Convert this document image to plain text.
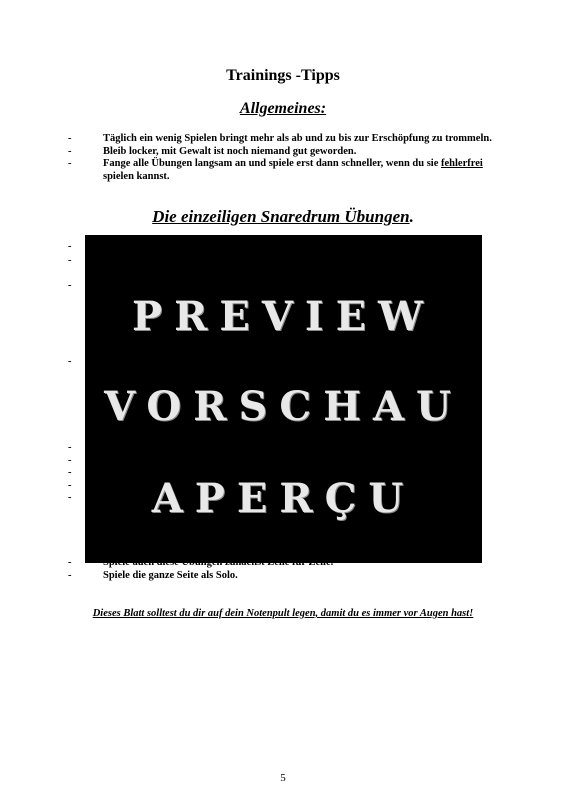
Trainings -Tipps
Allgemeines:
-	Täglich ein wenig Spielen bringt mehr als ab und zu bis zur Erschöpfung zu trommeln.
-	Bleib locker, mit Gewalt ist noch niemand gut geworden.
-	Fange alle Übungen langsam an und spiele erst dann schneller, wenn du sie fehlerfrei spielen kannst.
Die einzeiligen Snaredrum Übungen.
-
-
-
-
-
-
-
-
-
-
-	Spiele die ganze Seite als Solo.
PREVIEW
VORSCHAU
APERÇU

Dieses Blatt solltest du dir auf dein Notenpult legen, damit du es immer vor Augen hast!

5
